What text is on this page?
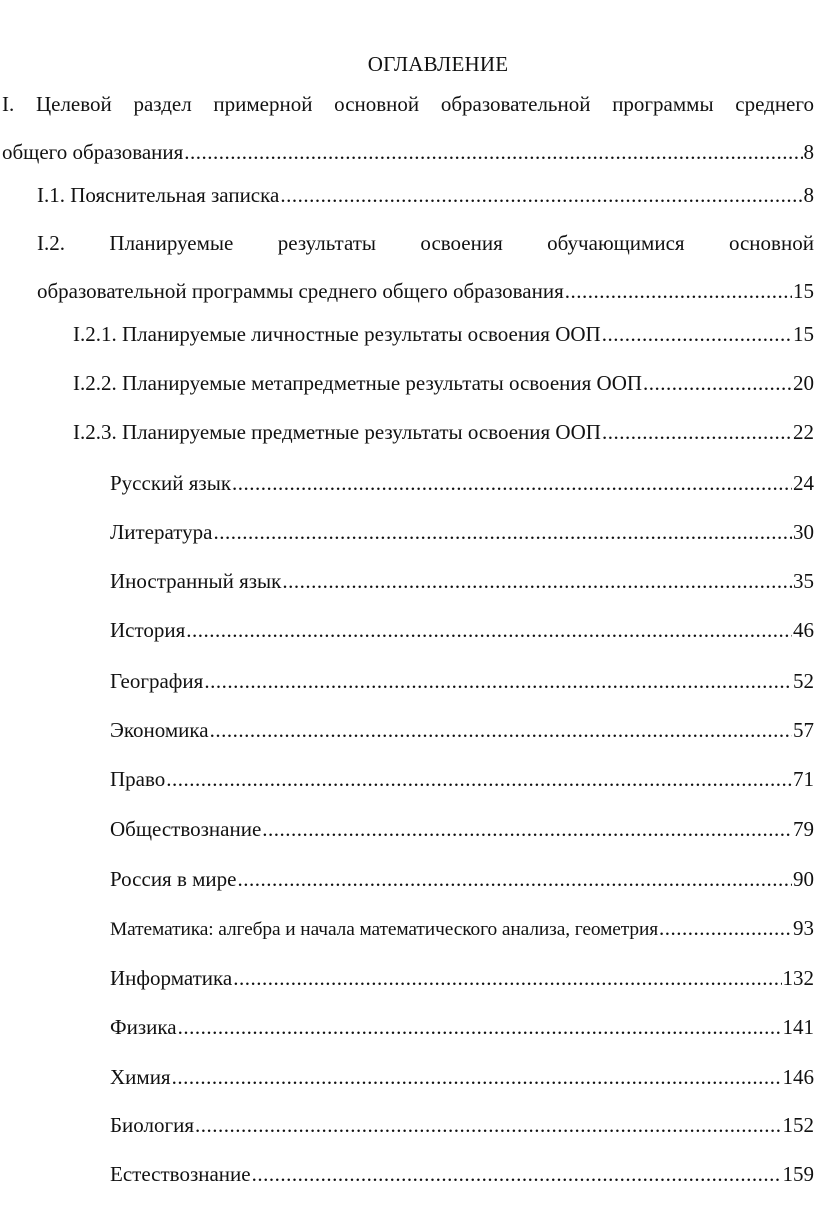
ОГЛАВЛЕНИЕ
I. Целевой раздел примерной основной образовательной программы среднего
общего образования .....	8
I.1. Пояснительная записка .....	8
I.2. Планируемые результаты освоения обучающимися основной
образовательной программы среднего общего образования .....	15
I.2.1. Планируемые личностные результаты освоения ООП .....	15
I.2.2. Планируемые метапредметные результаты освоения ООП .....	20
I.2.3. Планируемые предметные результаты освоения ООП .....	22
Русский язык .....	24
Литература .....	30
Иностранный язык .....	35
История .....	46
География .....	52
Экономика .....	57
Право .....	71
Обществознание .....	79
Россия в мире .....	90
Математика: алгебра и начала математического анализа, геометрия .....	93
Информатика .....	132
Физика .....	141
Химия .....	146
Биология .....	152
Естествознание .....	159
